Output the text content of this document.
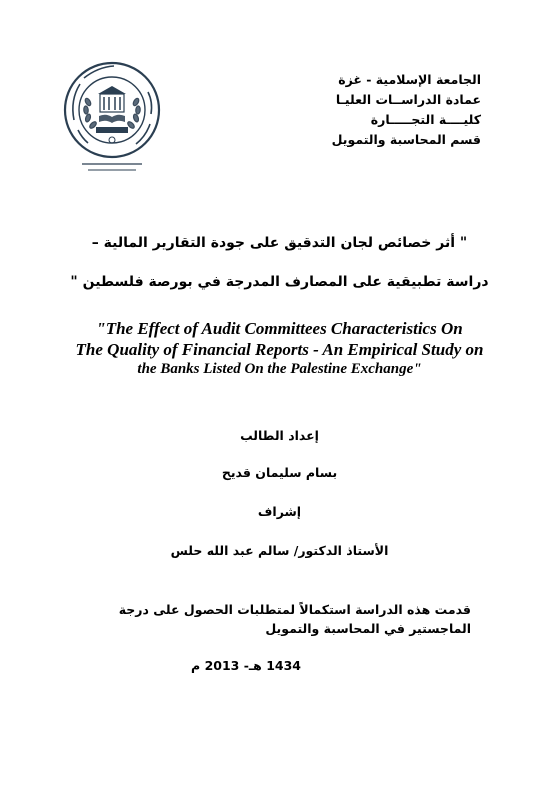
الجامعة الإسلامية - غزة
عمادة الدراســات العليـا
كليــــة التجـــــارة
قسم المحاسبة والتمويل
" أثر خصائص لجان التدقيق على جودة التقارير المالية –
دراسة تطبيقية على المصارف المدرجة في بورصة فلسطين "
"The Effect of Audit Committees Characteristics On
The Quality of Financial Reports - An Empirical Study on
the Banks Listed On the Palestine Exchange"
إعداد الطالب
بسام سليمان قديح
إشراف
الأستاذ الدكتور/ سالم عبد الله حلس
قدمت هذه الدراسة استكمالاً لمتطلبات الحصول على درجة الماجستير في المحاسبة والتمويل
1434 هـ- 2013 م
